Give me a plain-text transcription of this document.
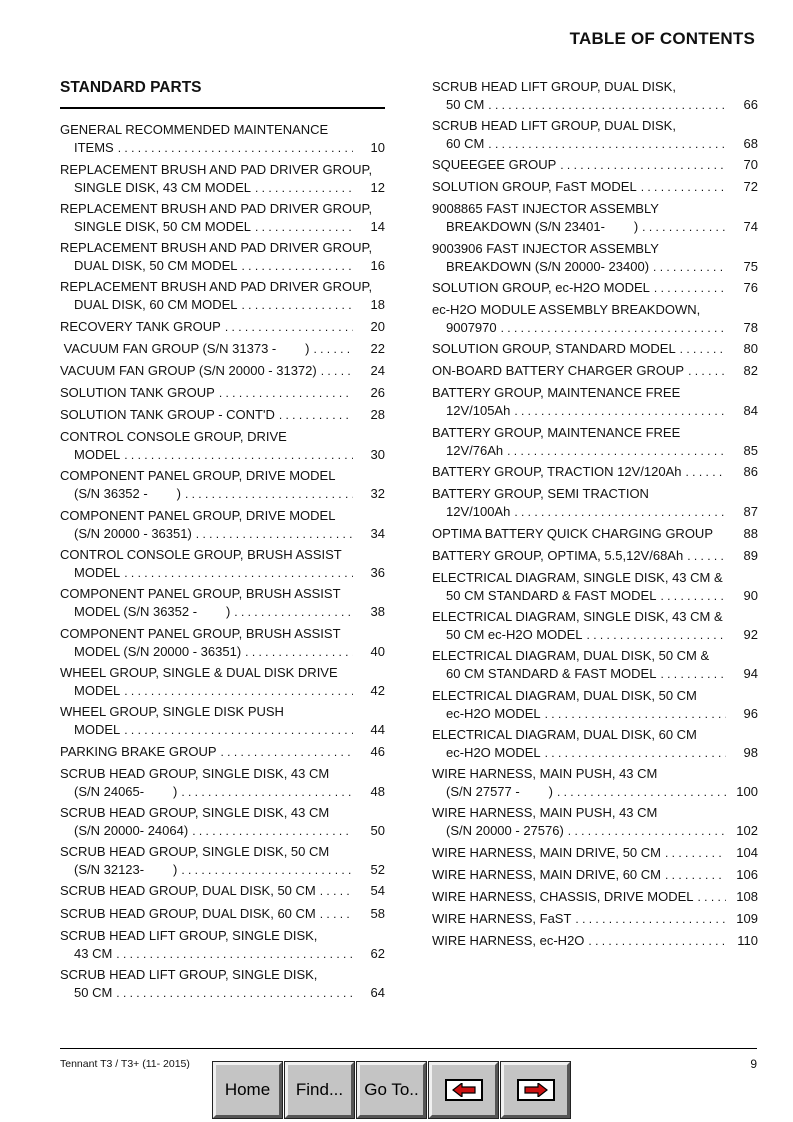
TABLE OF CONTENTS
STANDARD PARTS
GENERAL RECOMMENDED MAINTENANCE
ITEMS . . .	10
REPLACEMENT BRUSH AND PAD DRIVER GROUP,
SINGLE DISK, 43 CM MODEL . . .	12
REPLACEMENT BRUSH AND PAD DRIVER GROUP,
SINGLE DISK, 50 CM MODEL . . .	14
REPLACEMENT BRUSH AND PAD DRIVER GROUP,
DUAL DISK, 50 CM MODEL . . .	16
REPLACEMENT BRUSH AND PAD DRIVER GROUP,
DUAL DISK, 60 CM MODEL . . .	18
RECOVERY TANK GROUP . . .	20
VACUUM FAN GROUP (S/N 31373 -        ) . . .	22
VACUUM FAN GROUP (S/N 20000 - 31372) . . .	24
SOLUTION TANK GROUP . . .	26
SOLUTION TANK GROUP - CONT'D . . .	28
CONTROL CONSOLE GROUP, DRIVE
MODEL . . .	30
COMPONENT PANEL GROUP, DRIVE MODEL
(S/N 36352 -        ) . . .	32
COMPONENT PANEL GROUP, DRIVE MODEL
(S/N 20000 - 36351) . . .	34
CONTROL CONSOLE GROUP, BRUSH ASSIST
MODEL . . .	36
COMPONENT PANEL GROUP, BRUSH ASSIST
MODEL (S/N 36352 -        ) . . .	38
COMPONENT PANEL GROUP, BRUSH ASSIST
MODEL (S/N 20000 - 36351) . . .	40
WHEEL GROUP, SINGLE & DUAL DISK DRIVE
MODEL . . .	42
WHEEL GROUP, SINGLE DISK PUSH
MODEL . . .	44
PARKING BRAKE GROUP . . .	46
SCRUB HEAD GROUP, SINGLE DISK, 43 CM
(S/N 24065-        ) . . .	48
SCRUB HEAD GROUP, SINGLE DISK, 43 CM
(S/N 20000- 24064) . . .	50
SCRUB HEAD GROUP, SINGLE DISK, 50 CM
(S/N 32123-        ) . . .	52
SCRUB HEAD GROUP, DUAL DISK, 50 CM . . .	54
SCRUB HEAD GROUP, DUAL DISK, 60 CM . . .	58
SCRUB HEAD LIFT GROUP, SINGLE DISK,
43 CM . . .	62
SCRUB HEAD LIFT GROUP, SINGLE DISK,
50 CM . . .	64
SCRUB HEAD LIFT GROUP, DUAL DISK,
50 CM . . .	66
SCRUB HEAD LIFT GROUP, DUAL DISK,
60 CM . . .	68
SQUEEGEE GROUP . . .	70
SOLUTION GROUP, FaST MODEL . . .	72
9008865 FAST INJECTOR ASSEMBLY
BREAKDOWN (S/N 23401-        ) . . .	74
9003906 FAST INJECTOR ASSEMBLY
BREAKDOWN (S/N 20000- 23400) . . .	75
SOLUTION GROUP, ec-H2O MODEL . . .	76
ec-H2O MODULE ASSEMBLY BREAKDOWN,
9007970 . . .	78
SOLUTION GROUP, STANDARD MODEL . . .	80
ON-BOARD BATTERY CHARGER GROUP . . .	82
BATTERY GROUP, MAINTENANCE FREE
12V/105Ah . . .	84
BATTERY GROUP, MAINTENANCE FREE
12V/76Ah . . .	85
BATTERY GROUP, TRACTION 12V/120Ah . . .	86
BATTERY GROUP, SEMI TRACTION
12V/100Ah . . .	87
OPTIMA BATTERY QUICK CHARGING GROUP	88
BATTERY GROUP, OPTIMA, 5.5,12V/68Ah . . .	89
ELECTRICAL DIAGRAM, SINGLE DISK, 43 CM &
50 CM STANDARD & FAST MODEL . . .	90
ELECTRICAL DIAGRAM, SINGLE DISK, 43 CM &
50 CM ec-H2O MODEL . . .	92
ELECTRICAL DIAGRAM, DUAL DISK, 50 CM &
60 CM STANDARD & FAST MODEL . . .	94
ELECTRICAL DIAGRAM, DUAL DISK, 50 CM
ec-H2O MODEL . . .	96
ELECTRICAL DIAGRAM, DUAL DISK, 60 CM
ec-H2O MODEL . . .	98
WIRE HARNESS, MAIN PUSH, 43 CM
(S/N 27577 -        ) . . .	100
WIRE HARNESS, MAIN PUSH, 43 CM
(S/N 20000 - 27576) . . .	102
WIRE HARNESS, MAIN DRIVE, 50 CM . . .	104
WIRE HARNESS, MAIN DRIVE, 60 CM . . .	106
WIRE HARNESS, CHASSIS, DRIVE MODEL . . .	108
WIRE HARNESS, FaST . . .	109
WIRE HARNESS, ec-H2O . . .	110
Tennant T3 / T3+ (11- 2015)	9
Home	Find...	Go To..
